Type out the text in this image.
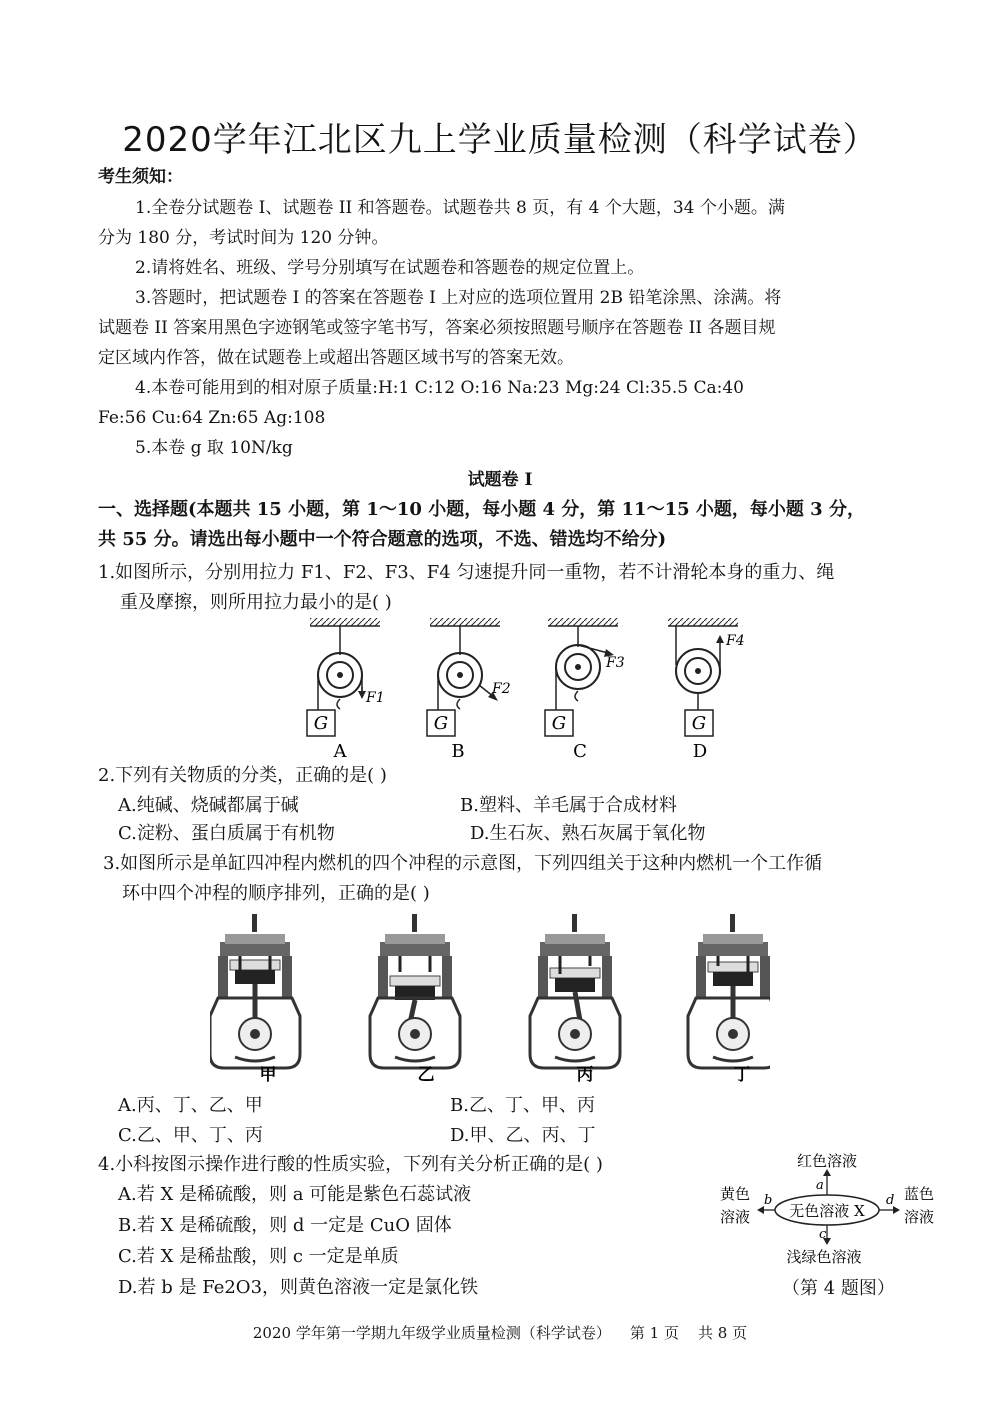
2020学年江北区九上学业质量检测（科学试卷）
考生须知：
1.全卷分试题卷 I、试题卷 II 和答题卷。试题卷共 8 页，有 4 个大题，34 个小题。满
分为 180 分，考试时间为 120 分钟。
2.请将姓名、班级、学号分别填写在试题卷和答题卷的规定位置上。
3.答题时，把试题卷 I 的答案在答题卷 I 上对应的选项位置用 2B 铅笔涂黑、涂满。将
试题卷 II 答案用黑色字迹钢笔或签字笔书写，答案必须按照题号顺序在答题卷 II 各题目规
定区域内作答，做在试题卷上或超出答题区域书写的答案无效。
4.本卷可能用到的相对原子质量:H:1 C:12 O:16 Na:23 Mg:24 Cl:35.5 Ca:40
Fe:56 Cu:64 Zn:65 Ag:108
5.本卷 g 取 10N/kg
试题卷 I
一、选择题(本题共 15 小题，第 1～10 小题，每小题 4 分，第 11～15 小题，每小题 3 分，
共 55 分。请选出每小题中一个符合题意的选项，不选、错选均不给分)
1.如图所示，分别用拉力 F1、F2、F3、F4 匀速提升同一重物，若不计滑轮本身的重力、绳
重及摩擦，则所用拉力最小的是( )
G	G	G	G
F1
F2
F3
F4
A	B	C	D
2.下列有关物质的分类，正确的是( )
A.纯碱、烧碱都属于碱	B.塑料、羊毛属于合成材料
C.淀粉、蛋白质属于有机物	D.生石灰、熟石灰属于氧化物
3.如图所示是单缸四冲程内燃机的四个冲程的示意图，下列四组关于这种内燃机一个工作循
环中四个冲程的顺序排列，正确的是( )
甲	乙	丙	丁
A.丙、丁、乙、甲	B.乙、丁、甲、丙
C.乙、甲、丁、丙	D.甲、乙、丙、丁
4.小科按图示操作进行酸的性质实验，下列有关分析正确的是( )
A.若 X 是稀硫酸，则 a 可能是紫色石蕊试液
B.若 X 是稀硫酸，则 d 一定是 CuO 固体
C.若 X 是稀盐酸，则 c 一定是单质
D.若 b 是 Fe2O3，则黄色溶液一定是氯化铁
无色溶液 X
红色溶液
黄色
溶液
蓝色
溶液
浅绿色溶液
a
b
c
d
（第 4 题图）
2020 学年第一学期九年级学业质量检测（科学试卷）    第 1 页    共 8 页
